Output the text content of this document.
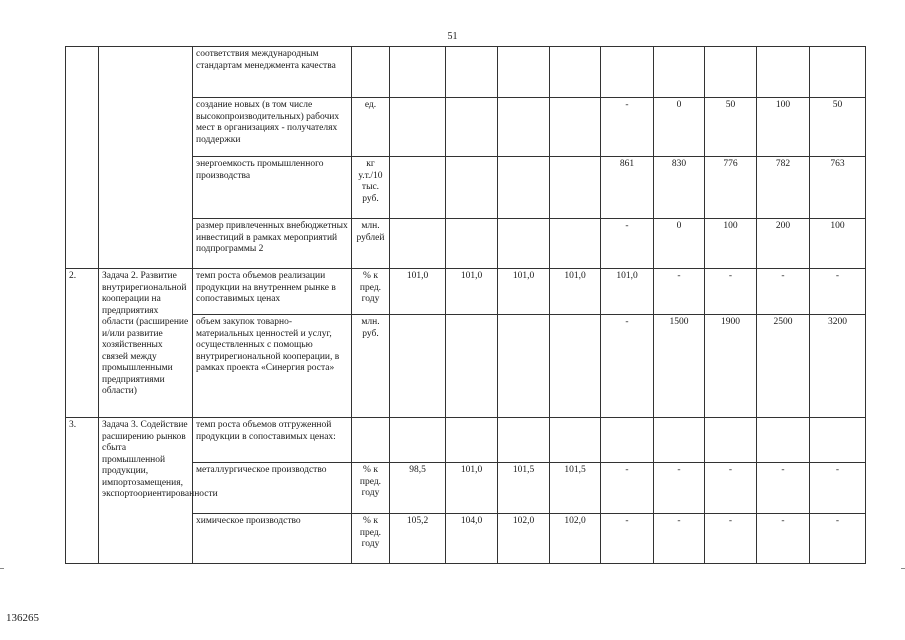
51
		соответствия международным стандартам менеджмента качества										
		создание новых (в том числе высокопроизводительных) рабочих мест в организациях - получателях поддержки	ед.					-	0	50	100	50
		энергоемкость промышленного производства	кг у.т./10 тыс. руб.					861	830	776	782	763
		размер привлеченных внебюджетных инвестиций в рамках мероприятий подпрограммы 2	млн. рублей					-	0	100	200	100
2.	Задача 2. Развитие внутрирегиональной кооперации на предприятиях области (расширение и/или развитие хозяйственных связей между промышленными предприятиями области)	темп роста объемов реализации продукции на внутреннем рынке в сопоставимых ценах	% к пред. году	101,0	101,0	101,0	101,0	101,0	-	-	-	-
		объем закупок товарно-материальных ценностей и услуг, осуществленных с помощью внутрирегиональной кооперации, в рамках проекта «Синергия роста»	млн. руб.					-	1500	1900	2500	3200
3.	Задача 3. Содействие расширению рынков сбыта промышленной продукции, импортозамещения, экспортоориентированности	темп роста объемов отгруженной продукции в сопоставимых ценах:										
		металлургическое производство	% к пред. году	98,5	101,0	101,5	101,5	-	-	-	-	-
		химическое производство	% к пред. году	105,2	104,0	102,0	102,0	-	-	-	-	-
136265
